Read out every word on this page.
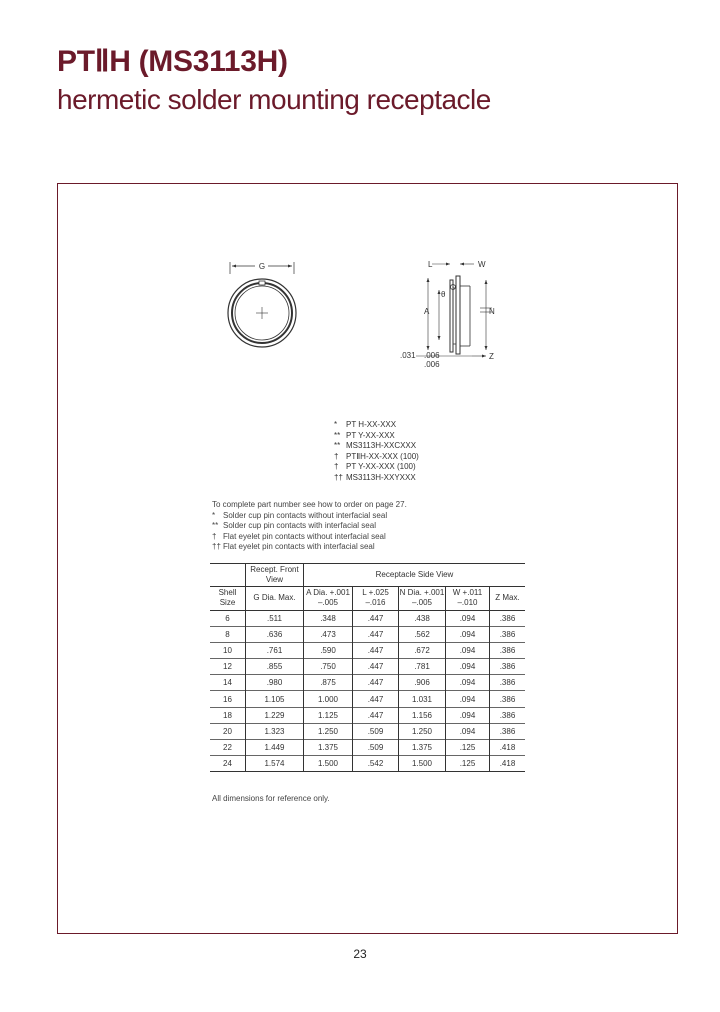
PTⅡH (MS3113H)
hermetic solder mounting receptacle
G	L	W
θ
A	N
Z
.031 .006
.006
*	PT H-XX-XXX
** PT Y-XX-XXX
** MS3113H-XXCXXX
† PTⅡH-XX-XXX (100)
† PT Y-XX-XXX (100)
†† MS3113H-XXYXXX
To complete part number see how to order on page 27.
* Solder cup pin contacts without interfacial seal
** Solder cup pin contacts with interfacial seal
† Flat eyelet pin contacts without interfacial seal
†† Flat eyelet pin contacts with interfacial seal
	Recept. Front View	Receptacle Side View				
Shell Size	G Dia. Max.	A Dia. +.001 –.005	L +.025 –.016	N Dia. +.001 –.005	W +.011 –.010	Z Max.
6	.511	.348	.447	.438	.094	.386
8	.636	.473	.447	.562	.094	.386
10	.761	.590	.447	.672	.094	.386
12	.855	.750	.447	.781	.094	.386
14	.980	.875	.447	.906	.094	.386
16	1.105	1.000	.447	1.031	.094	.386
18	1.229	1.125	.447	1.156	.094	.386
20	1.323	1.250	.509	1.250	.094	.386
22	1.449	1.375	.509	1.375	.125	.418
24	1.574	1.500	.542	1.500	.125	.418
All dimensions for reference only.
23
